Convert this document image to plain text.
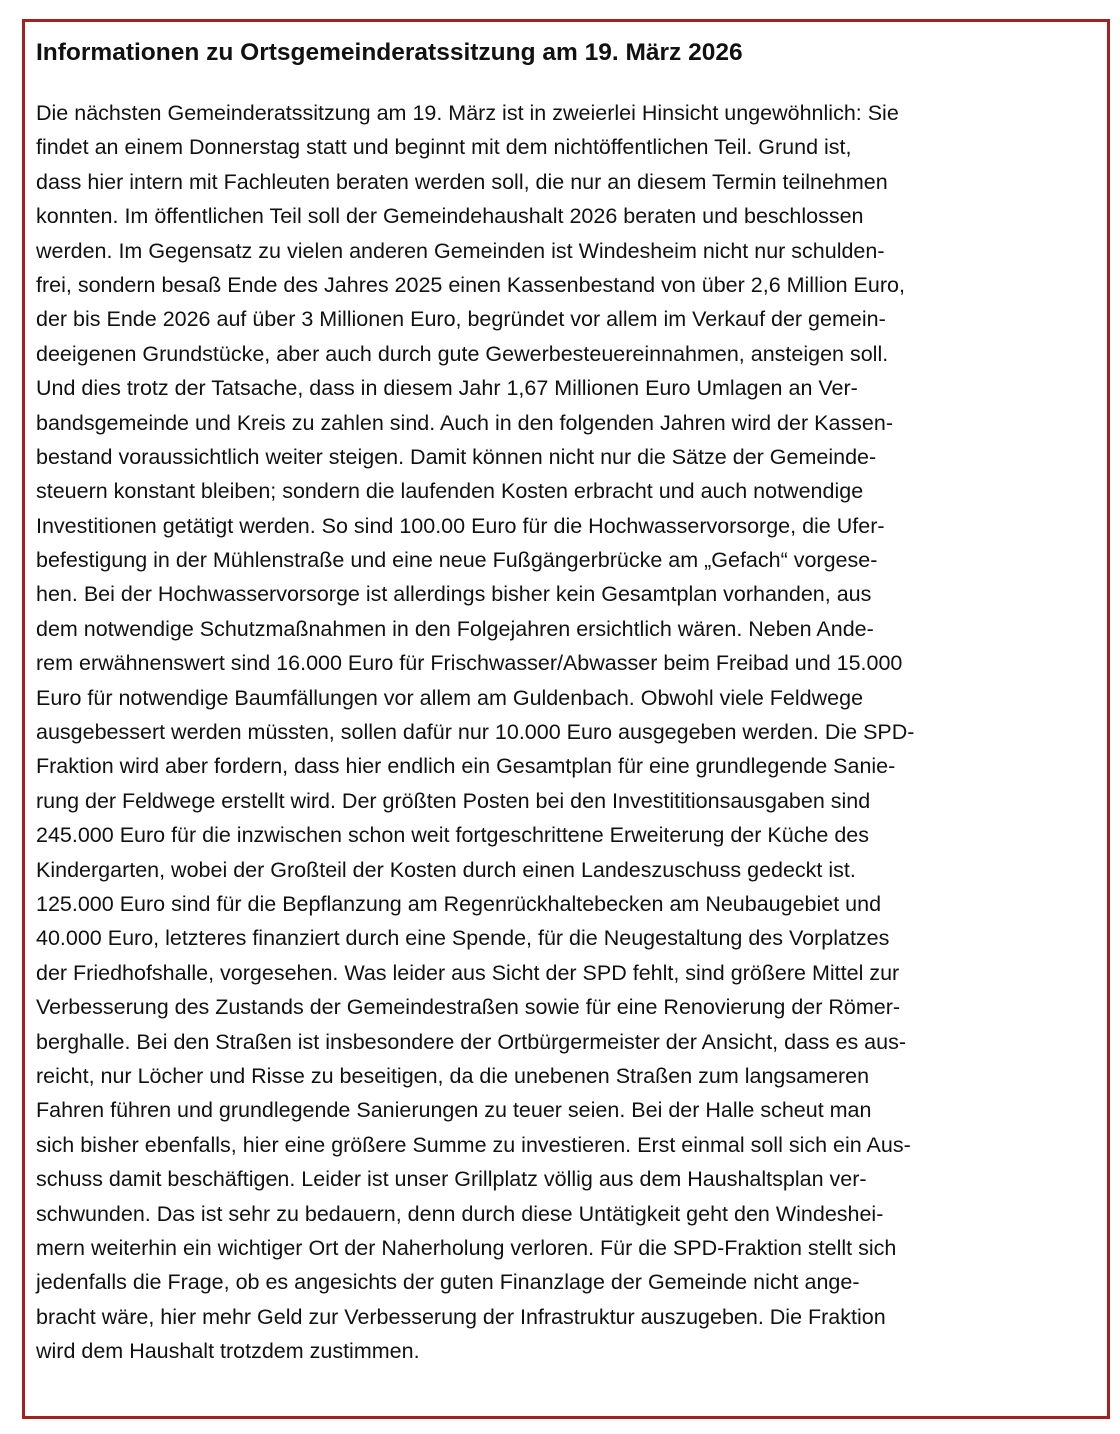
Informationen zu Ortsgemeinderatssitzung am 19. März 2026
Die nächsten Gemeinderatssitzung am 19. März ist in zweierlei Hinsicht ungewöhnlich: Sie
findet an einem Donnerstag statt und beginnt mit dem nichtöffentlichen Teil. Grund ist,
dass hier intern mit Fachleuten beraten werden soll, die nur an diesem Termin teilnehmen
konnten. Im öffentlichen Teil soll der Gemeindehaushalt 2026 beraten und beschlossen
werden. Im Gegensatz zu vielen anderen Gemeinden ist Windesheim nicht nur schulden-
frei, sondern besaß Ende des Jahres 2025 einen Kassenbestand von über 2,6 Million Euro,
der bis Ende 2026 auf über 3 Millionen Euro, begründet vor allem im Verkauf der gemein-
deeigenen Grundstücke, aber auch durch gute Gewerbesteuereinnahmen, ansteigen soll.
Und dies trotz der Tatsache, dass in diesem Jahr 1,67 Millionen Euro Umlagen an Ver-
bandsgemeinde und Kreis zu zahlen sind. Auch in den folgenden Jahren wird der Kassen-
bestand voraussichtlich weiter steigen. Damit können nicht nur die Sätze der Gemeinde-
steuern konstant bleiben; sondern die laufenden Kosten erbracht und auch notwendige
Investitionen getätigt werden. So sind 100.00 Euro für die Hochwasservorsorge, die Ufer-
befestigung in der Mühlenstraße und eine neue Fußgängerbrücke am „Gefach“ vorgese-
hen. Bei der Hochwasservorsorge ist allerdings bisher kein Gesamtplan vorhanden, aus
dem notwendige Schutzmaßnahmen in den Folgejahren ersichtlich wären. Neben Ande-
rem erwähnenswert sind 16.000 Euro für Frischwasser/Abwasser beim Freibad und 15.000
Euro für notwendige Baumfällungen vor allem am Guldenbach. Obwohl viele Feldwege
ausgebessert werden müssten, sollen dafür nur 10.000 Euro ausgegeben werden. Die SPD-
Fraktion wird aber fordern, dass hier endlich ein Gesamtplan für eine grundlegende Sanie-
rung der Feldwege erstellt wird. Der größten Posten bei den Investititionsausgaben sind
245.000 Euro für die inzwischen schon weit fortgeschrittene Erweiterung der Küche des
Kindergarten, wobei der Großteil der Kosten durch einen Landeszuschuss gedeckt ist.
125.000 Euro sind für die Bepflanzung am Regenrückhaltebecken am Neubaugebiet und
40.000 Euro, letzteres finanziert durch eine Spende, für die Neugestaltung des Vorplatzes
der Friedhofshalle, vorgesehen. Was leider aus Sicht der SPD fehlt, sind größere Mittel zur
Verbesserung des Zustands der Gemeindestraßen sowie für eine Renovierung der Römer-
berghalle. Bei den Straßen ist insbesondere der Ortbürgermeister der Ansicht, dass es aus-
reicht, nur Löcher und Risse zu beseitigen, da die unebenen Straßen zum langsameren
Fahren führen und grundlegende Sanierungen zu teuer seien. Bei der Halle scheut man
sich bisher ebenfalls, hier eine größere Summe zu investieren. Erst einmal soll sich ein Aus-
schuss damit beschäftigen. Leider ist unser Grillplatz völlig aus dem Haushaltsplan ver-
schwunden. Das ist sehr zu bedauern, denn durch diese Untätigkeit geht den Windeshei-
mern weiterhin ein wichtiger Ort der Naherholung verloren. Für die SPD-Fraktion stellt sich
jedenfalls die Frage, ob es angesichts der guten Finanzlage der Gemeinde nicht ange-
bracht wäre, hier mehr Geld zur Verbesserung der Infrastruktur auszugeben. Die Fraktion
wird dem Haushalt trotzdem zustimmen.
